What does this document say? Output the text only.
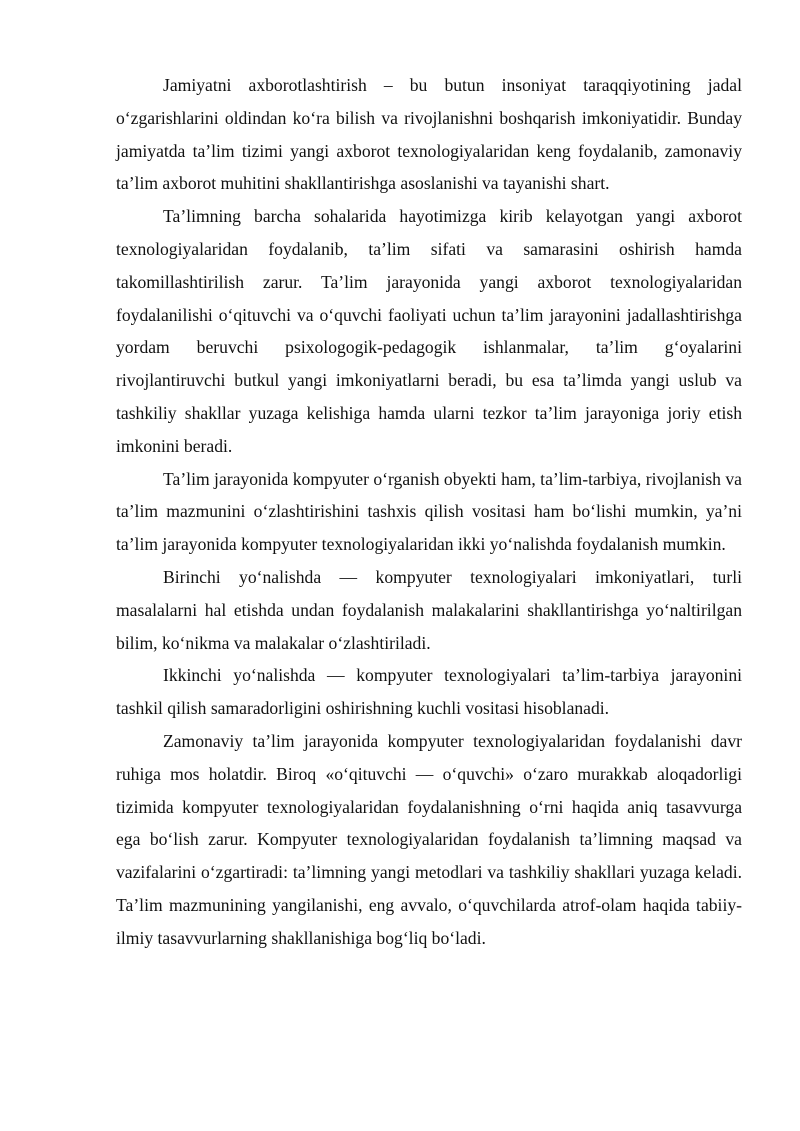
Jamiyatni axborotlashtirish – bu butun insoniyat taraqqiyotining jadal o‘zgarishlarini oldindan ko‘ra bilish va rivojlanishni boshqarish imkoniyatidir. Bunday jamiyatda ta’lim tizimi yangi axborot texnologiyalaridan keng foydalanib, zamonaviy ta’lim axborot muhitini shakllantirishga asoslanishi va tayanishi shart.

Ta’limning barcha sohalarida hayotimizga kirib kelayotgan yangi axborot texnologiyalaridan foydalanib, ta’lim sifati va samarasini oshirish hamda takomillashtirilish zarur. Ta’lim jarayonida yangi axborot texnologiyalaridan foydalanilishi o‘qituvchi va o‘quvchi faoliyati uchun ta’lim jarayonini jadallashtirishga yordam beruvchi psixologogik-pedagogik ishlanmalar, ta’lim g‘oyalarini rivojlantiruvchi butkul yangi imkoniyatlarni beradi, bu esa ta’limda yangi uslub va tashkiliy shakllar yuzaga kelishiga hamda ularni tezkor ta’lim jarayoniga joriy etish imkonini beradi.

Ta’lim jarayonida kompyuter o‘rganish obyekti ham, ta’lim-tarbiya, rivojlanish va ta’lim mazmunini o‘zlashtirishini tashxis qilish vositasi ham bo‘lishi mumkin, ya’ni ta’lim jarayonida kompyuter texnologiyalaridan ikki yo‘nalishda foydalanish mumkin.

Birinchi yo‘nalishda — kompyuter texnologiyalari imkoniyatlari, turli masalalarni hal etishda undan foydalanish malakalarini shakllantirishga yo‘naltirilgan bilim, ko‘nikma va malakalar o‘zlashtiriladi.

Ikkinchi yo‘nalishda — kompyuter texnologiyalari ta’lim-tarbiya jarayonini tashkil qilish samaradorligini oshirishning kuchli vositasi hisoblanadi.

Zamonaviy ta’lim jarayonida kompyuter texnologiyalaridan foydalanishi davr ruhiga mos holatdir. Biroq «o‘qituvchi — o‘quvchi» o‘zaro murakkab aloqadorligi tizimida kompyuter texnologiyalaridan foydalanishning o‘rni haqida aniq tasavvurga ega bo‘lish zarur. Kompyuter texnologiyalaridan foydalanish ta’limning maqsad va vazifalarini o‘zgartiradi: ta’limning yangi metodlari va tashkiliy shakllari yuzaga keladi. Ta’lim mazmunining yangilanishi, eng avvalo, o‘quvchilarda atrof-olam haqida tabiiy-ilmiy tasavvurlarning shakllanishiga bog‘liq bo‘ladi.
